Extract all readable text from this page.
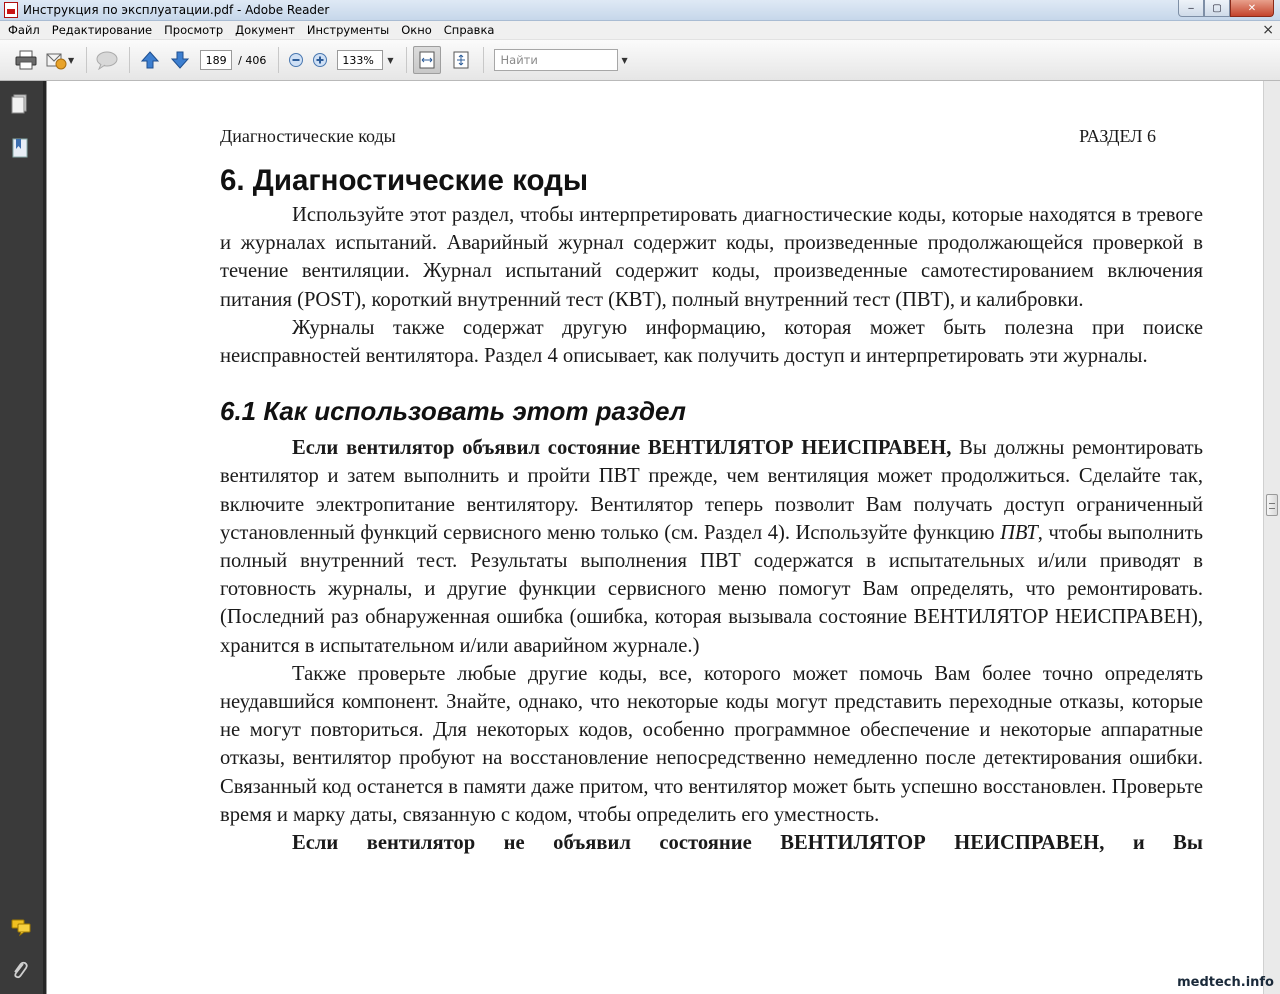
Инструкция по эксплуатации.pdf - Adobe Reader	‒	▢	✕
Файл	Редактирование	Просмотр	Документ	Инструменты	Окно	Справка	×
▼	189	/ 406	133%	▼	Найти	▼
Диагностические коды	РАЗДЕЛ 6
6. Диагностические коды

Используйте этот раздел, чтобы интерпретировать диагностические коды, которые находятся в тревоге и журналах испытаний. Аварийный журнал содержит коды, произведенные продолжающейся проверкой в течение вентиляции. Журнал испытаний содержит коды, произведенные самотестированием включения питания (POST), короткий внутренний тест (КВТ), полный внутренний тест (ПВТ), и калибровки.

Журналы также содержат другую информацию, которая может быть полезна при поиске неисправностей вентилятора. Раздел 4 описывает, как получить доступ и интерпретировать эти журналы.

6.1 Как использовать этот раздел

Если вентилятор объявил состояние ВЕНТИЛЯТОР НЕИСПРАВЕН, Вы должны ремонтировать вентилятор и затем выполнить и пройти ПВТ прежде, чем вентиляция может продолжиться. Сделайте так, включите электропитание вентилятору. Вентилятор теперь позволит Вам получать доступ ограниченный установленный функций сервисного меню только (см. Раздел 4). Используйте функцию ПВТ, чтобы выполнить полный внутренний тест. Результаты выполнения ПВТ содержатся в испытательных и/или приводят в готовность журналы, и другие функции сервисного меню помогут Вам определять, что ремонтировать. (Последний раз обнаруженная ошибка (ошибка, которая вызывала состояние ВЕНТИЛЯТОР НЕИСПРАВЕН), хранится в испытательном и/или аварийном журнале.)

Также проверьте любые другие коды, все, которого может помочь Вам более точно определять неудавшийся компонент. Знайте, однако, что некоторые коды могут представить переходные отказы, которые не могут повториться. Для некоторых кодов, особенно программное обеспечение и некоторые аппаратные отказы, вентилятор пробуют на восстановление непосредственно немедленно после детектирования ошибки. Связанный код останется в памяти даже притом, что вентилятор может быть успешно восстановлен. Проверьте время и марку даты, связанную с кодом, чтобы определить его уместность.

Если вентилятор не объявил состояние ВЕНТИЛЯТОР НЕИСПРАВЕН, и Вы

medtech.info
